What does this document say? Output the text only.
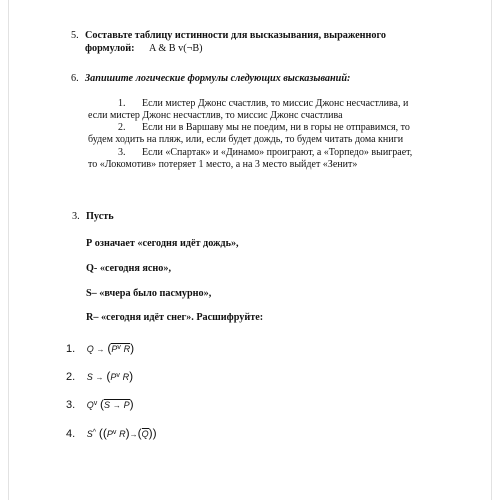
5. Составьте таблицу истинности для высказывания, выраженного
формулой: A & B v(¬B)
6. Запишите логические формулы следующих высказываний:
1. Если мистер Джонс счастлив, то миссис Джонс несчастлива, и
если мистер Джонс несчастлив, то миссис Джонс счастлива
2. Если ни в Варшаву мы не поедим, ни в горы не отправимся, то
будем ходить на пляж, или, если будет дождь, то будем читать дома книги
3. Если «Спартак» и «Динамо» проиграют, а «Торпедо» выиграет,
то «Локомотив» потеряет 1 место, а на 3 место выйдет «Зенит»
3. Пусть
Р означает «сегодня идёт дождь»,
Q- «сегодня ясно»,
S– «вчера было пасмурно»,
R– «сегодня идёт снег». Расшифруйте:
1. $Q \to (P^v$ R)
2. $S \to (P^v$ R)
3. $Q^v$ (S → P)
4. S^ (($P^v$ R)→(Q))
